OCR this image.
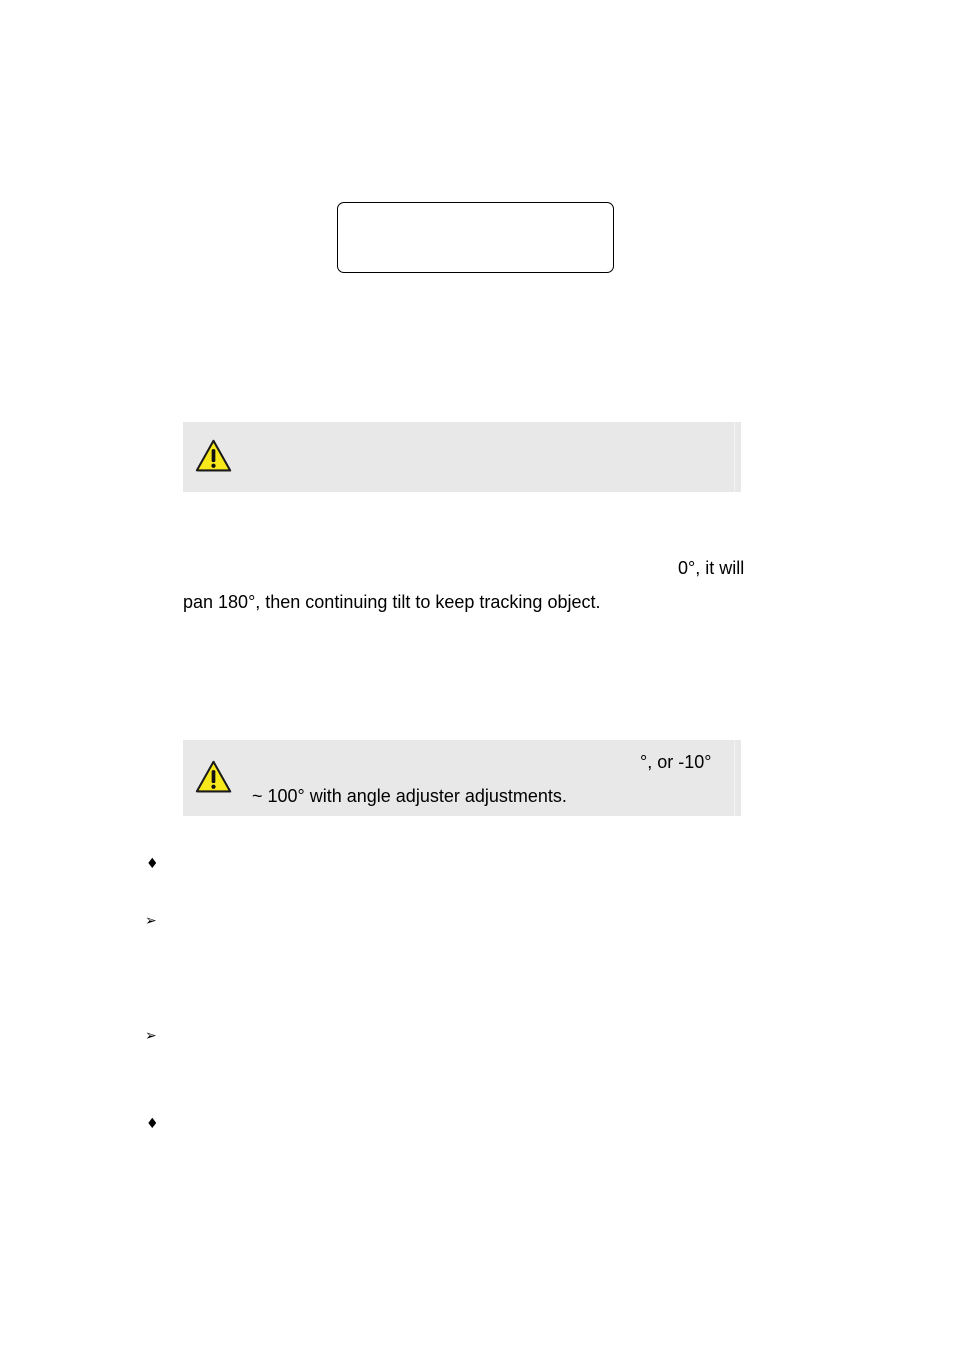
0°, it will
pan 180°, then continuing tilt to keep tracking object.
°, or -10°
~ 100° with angle adjuster adjustments.
♦
➢
➢
♦
